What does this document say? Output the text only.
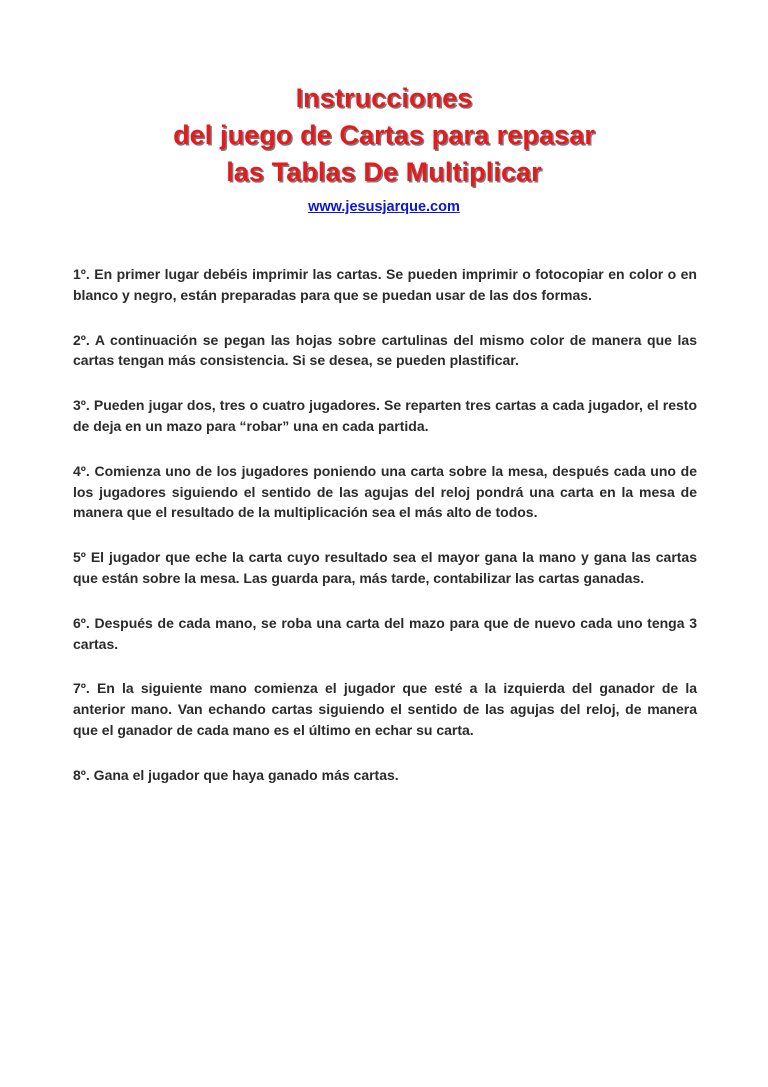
Instrucciones
del juego de Cartas para repasar
las Tablas De Multiplicar
www.jesusjarque.com

1º. En primer lugar debéis imprimir las cartas. Se pueden imprimir o fotocopiar en color o en blanco y negro, están preparadas para que se puedan usar de las dos formas.

2º. A continuación se pegan las hojas sobre cartulinas del mismo color de manera que las cartas tengan más consistencia. Si se desea, se pueden plastificar.

3º. Pueden jugar dos, tres o cuatro jugadores. Se reparten tres cartas a cada jugador, el resto de deja en un mazo para “robar” una en cada partida.

4º. Comienza uno de los jugadores poniendo una carta sobre la mesa, después cada uno de los jugadores siguiendo el sentido de las agujas del reloj pondrá una carta en la mesa de manera que el resultado de la multiplicación sea el más alto de todos.

5º El jugador que eche la carta cuyo resultado sea el mayor gana la mano y gana las cartas que están sobre la mesa. Las guarda para, más tarde, contabilizar las cartas ganadas.

6º. Después de cada mano, se roba una carta del mazo para que de nuevo cada uno tenga 3 cartas.

7º. En la siguiente mano comienza el jugador que esté a la izquierda del ganador de la anterior mano. Van echando cartas siguiendo el sentido de las agujas del reloj, de manera que el ganador de cada mano es el último en echar su carta.

8º. Gana el jugador que haya ganado más cartas.
